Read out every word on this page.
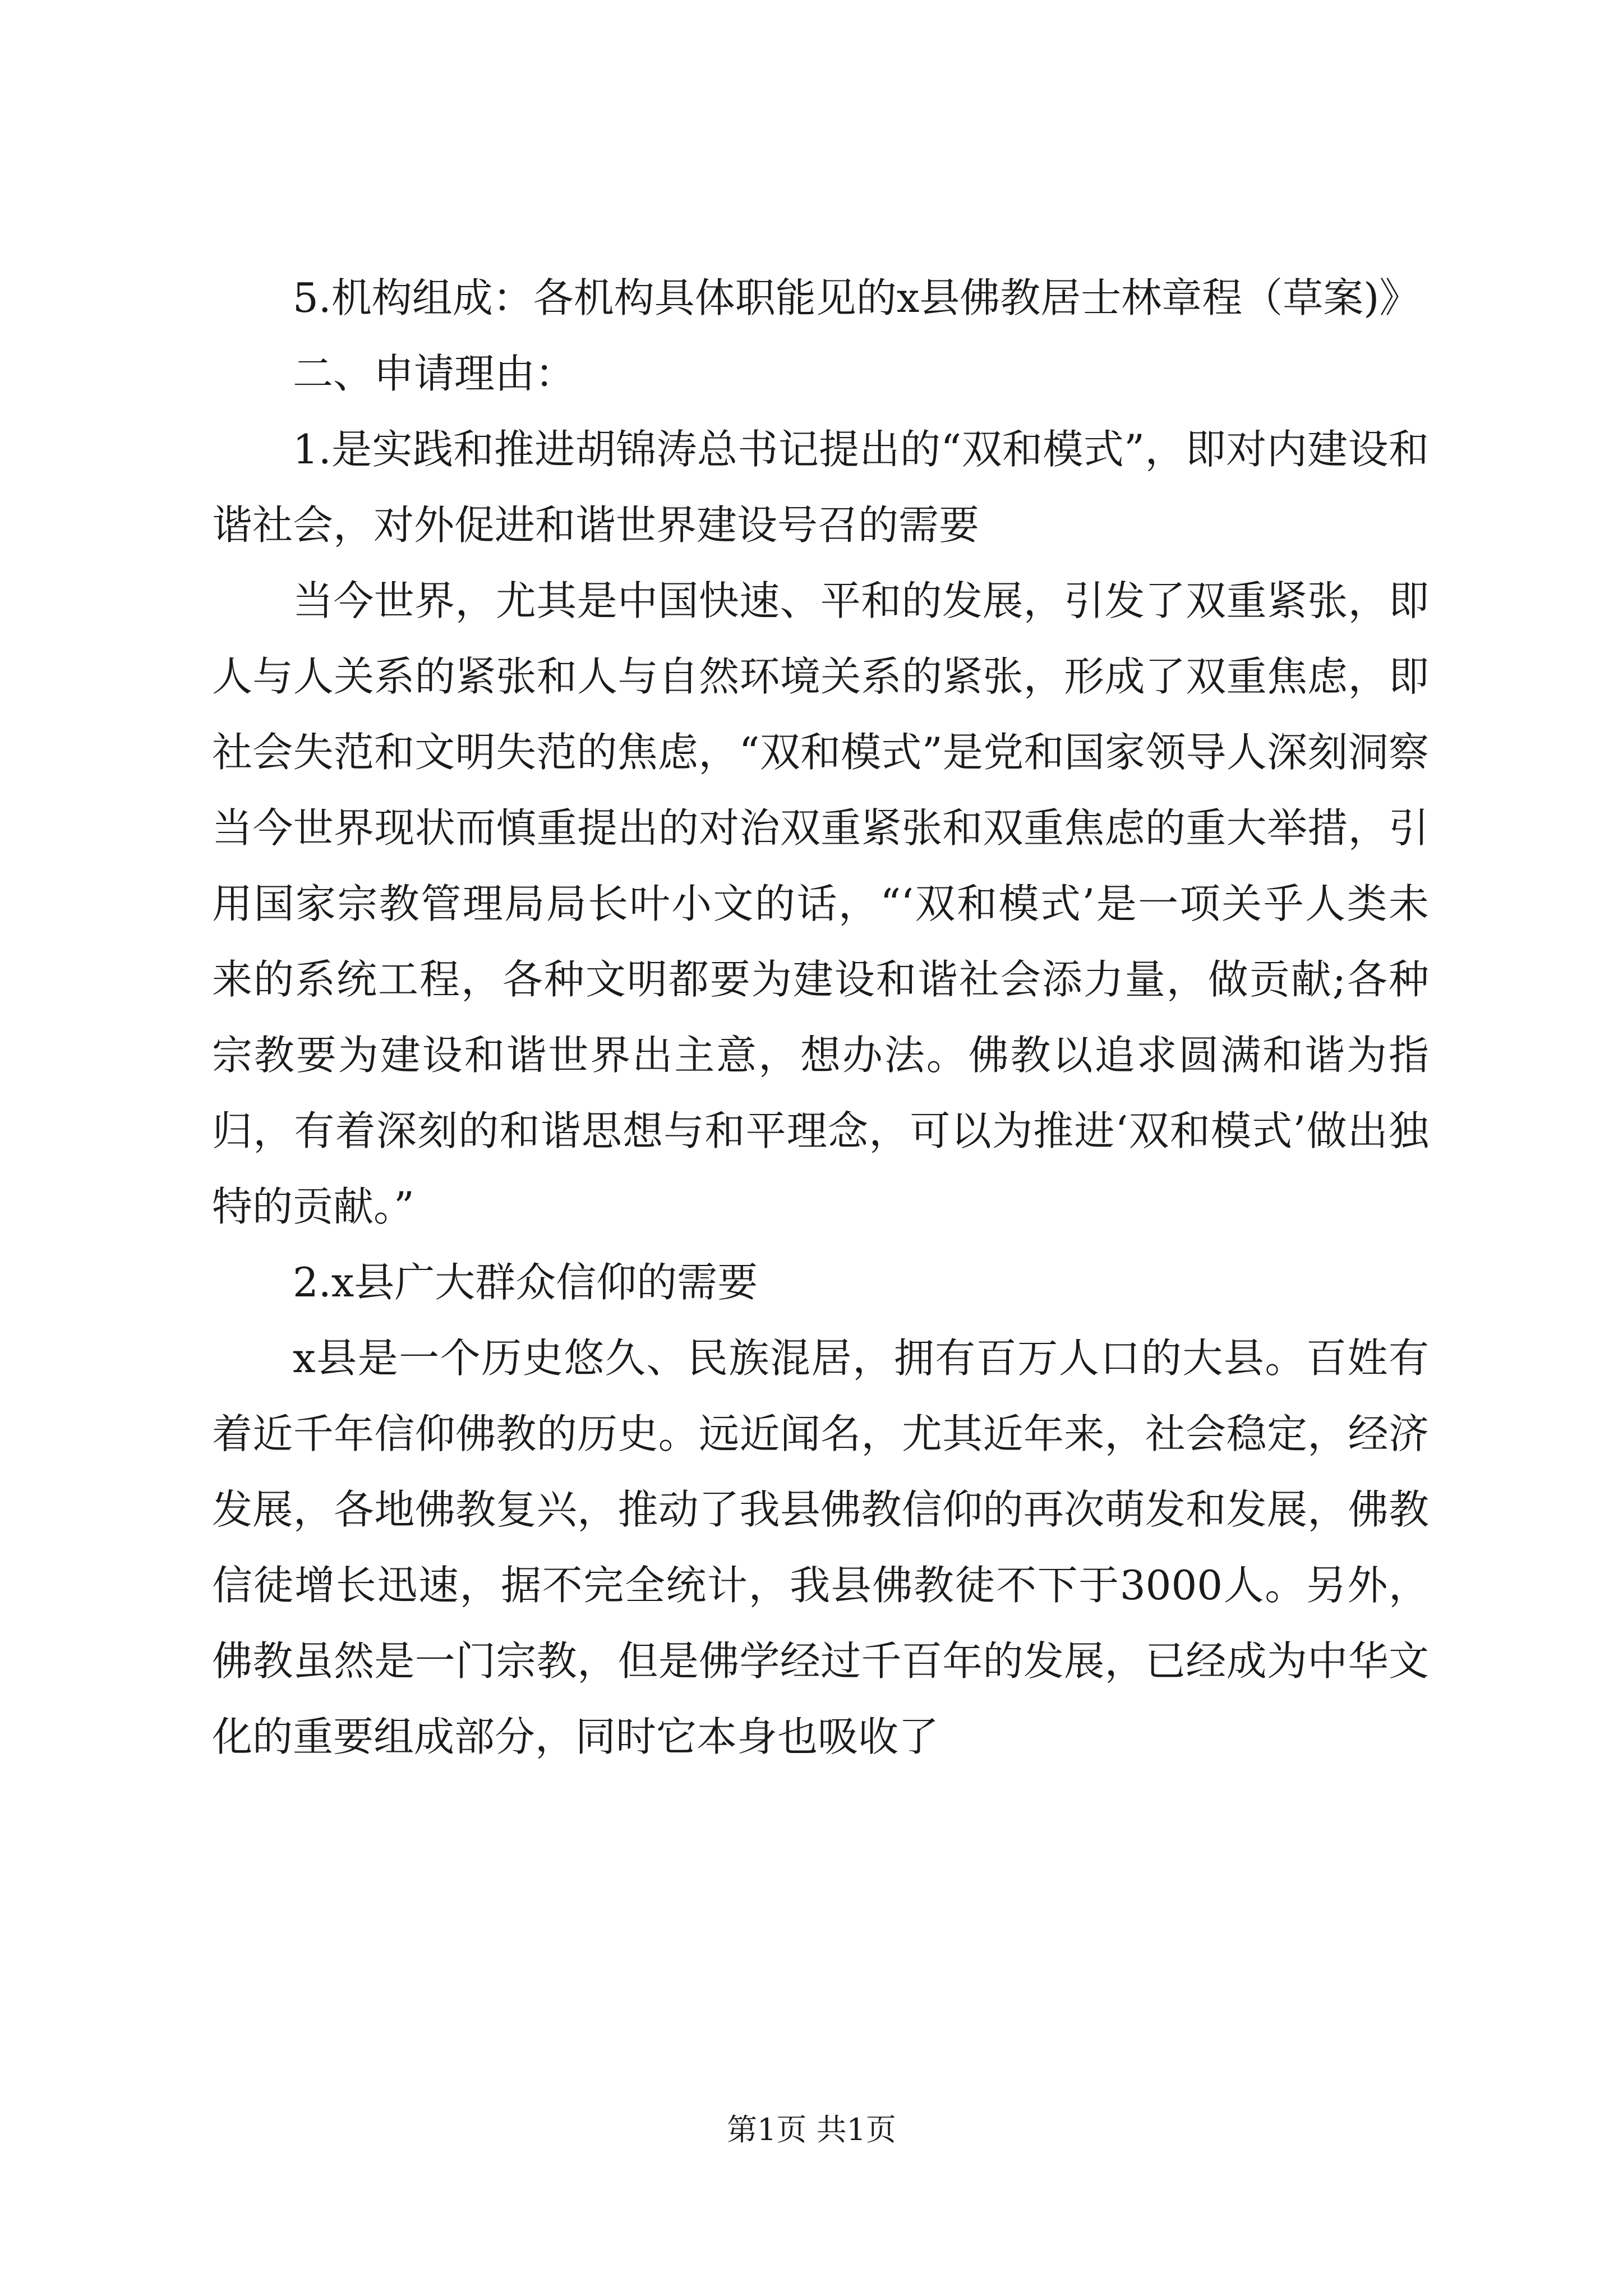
5.机构组成：各机构具体职能见的x县佛教居士林章程（草案)》

二、申请理由：

1.是实践和推进胡锦涛总书记提出的“双和模式”，即对内建设和谐社会，对外促进和谐世界建设号召的需要

当今世界，尤其是中国快速、平和的发展，引发了双重紧张，即人与人关系的紧张和人与自然环境关系的紧张，形成了双重焦虑，即社会失范和文明失范的焦虑，“双和模式”是党和国家领导人深刻洞察当今世界现状而慎重提出的对治双重紧张和双重焦虑的重大举措，引用国家宗教管理局局长叶小文的话，“‘双和模式’是一项关乎人类未来的系统工程，各种文明都要为建设和谐社会添力量，做贡献;各种宗教要为建设和谐世界出主意，想办法。佛教以追求圆满和谐为指归，有着深刻的和谐思想与和平理念，可以为推进‘双和模式’做出独特的贡献。”

2.x县广大群众信仰的需要

x县是一个历史悠久、民族混居，拥有百万人口的大县。百姓有着近千年信仰佛教的历史。远近闻名，尤其近年来，社会稳定，经济发展，各地佛教复兴，推动了我县佛教信仰的再次萌发和发展，佛教信徒增长迅速，据不完全统计，我县佛教徒不下于3000人。另外，佛教虽然是一门宗教，但是佛学经过千百年的发展，已经成为中华文化的重要组成部分，同时它本身也吸收了

第1页 共1页
